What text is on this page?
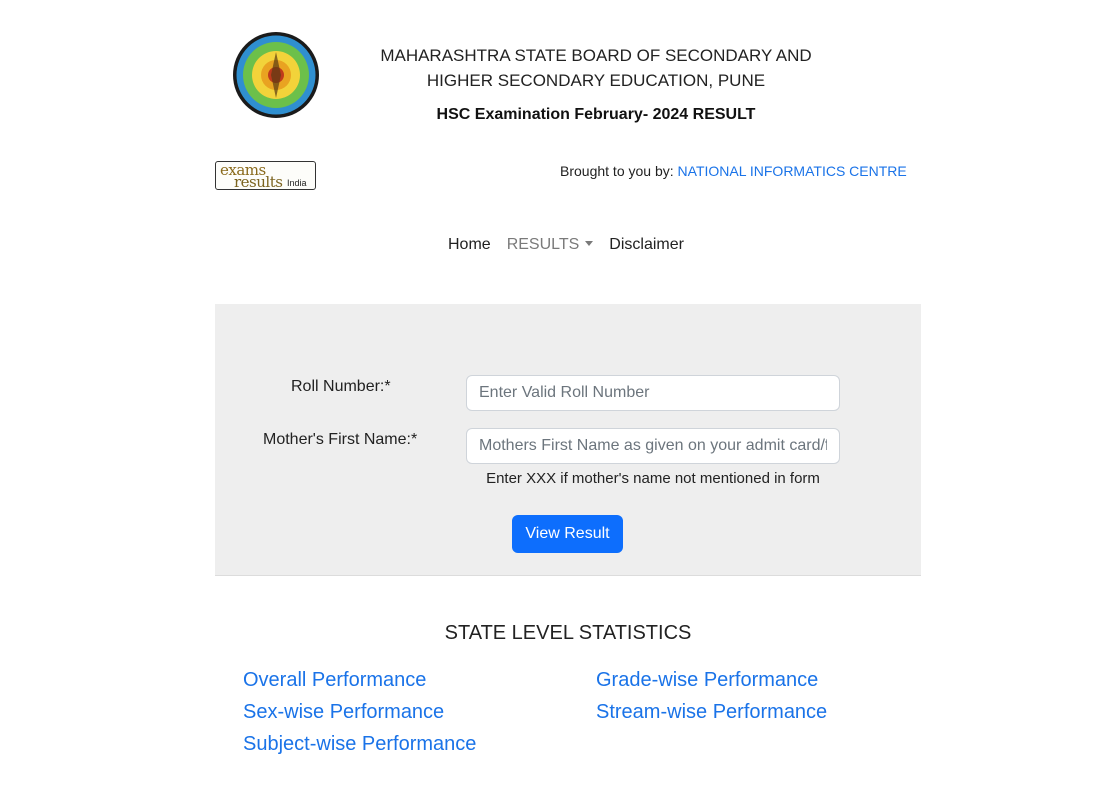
MAHARASHTRA STATE BOARD OF SECONDARY AND
HIGHER SECONDARY EDUCATION, PUNE
HSC Examination February- 2024 RESULT
exams
results India
Brought to you by: NATIONAL INFORMATICS CENTRE
Home	RESULTS	Disclaimer
Roll Number:*
Enter Valid Roll Number
Mother's First Name:*
Mothers First Name as given on your admit card/form
Enter XXX if mother's name not mentioned in form
View Result
STATE LEVEL STATISTICS
Overall Performance
Sex-wise Performance
Subject-wise Performance
Grade-wise Performance
Stream-wise Performance
